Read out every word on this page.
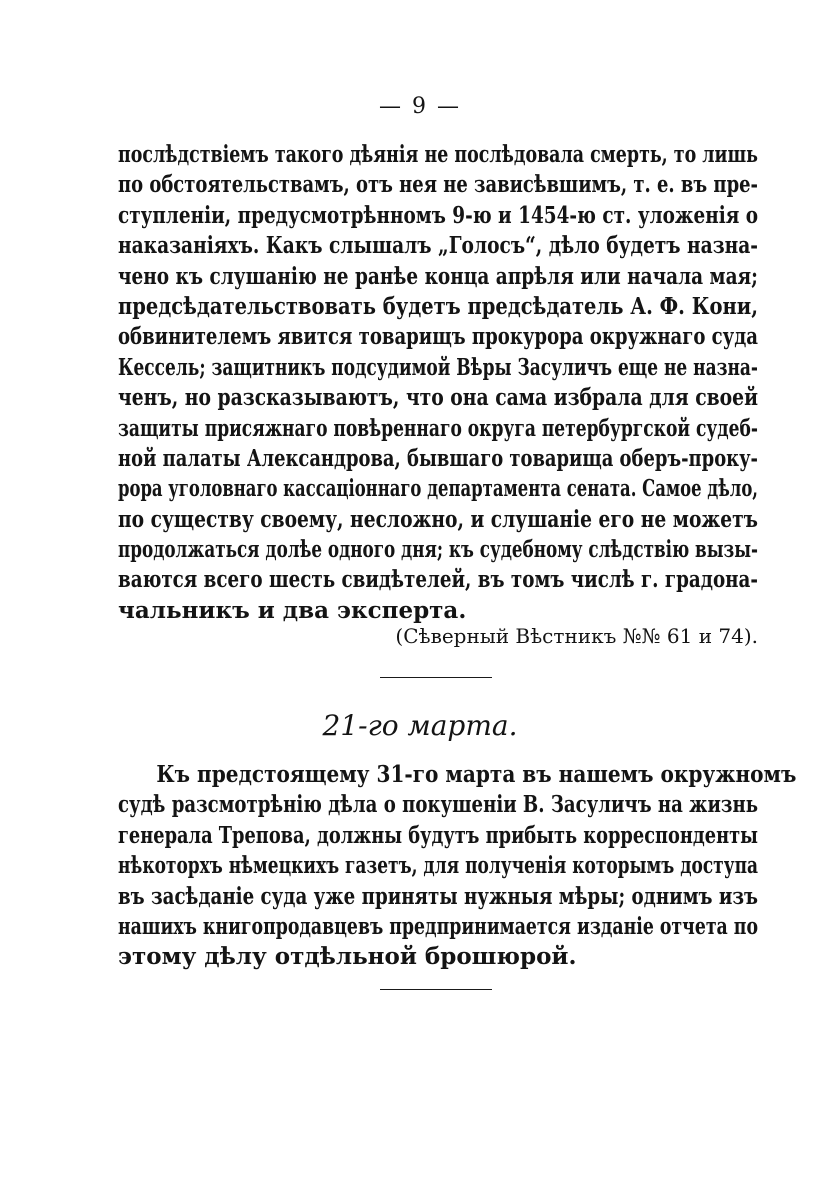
— 9 —
послѣдствіемъ такого дѣянія не послѣдовала смерть, то лишь
по обстоятельствамъ, отъ нея не зависѣвшимъ, т. е. въ пре-
ступленіи, предусмотрѣнномъ 9-ю и 1454-ю ст. уложенія о
наказаніяхъ. Какъ слышалъ „Голосъ“, дѣло будетъ назна-
чено къ слушанію не ранѣе конца апрѣля или начала мая;
предсѣдательствовать будетъ предсѣдатель А. Ф. Кони,
обвинителемъ явится товарищъ прокурора окружнаго суда
Кессель; защитникъ подсудимой Вѣры Засуличъ еще не назна-
ченъ, но разсказываютъ, что она сама избрала для своей
защиты присяжнаго повѣреннаго округа петербургской судеб-
ной палаты Александрова, бывшаго товарища оберъ-проку-
рора уголовнаго кассаціоннаго департамента сената. Самое дѣло,
по существу своему, несложно, и слушаніе его не можетъ
продолжаться долѣе одного дня; къ судебному слѣдствію вызы-
ваются всего шесть свидѣтелей, въ томъ числѣ г. градона-
чальникъ и два эксперта.
(Сѣверный Вѣстникъ №№ 61 и 74).
21-го марта.
Къ предстоящему 31-го марта въ нашемъ окружномъ
судѣ разсмотрѣнію дѣла о покушеніи В. Засуличъ на жизнь
генерала Трепова, должны будутъ прибыть корреспонденты
нѣкоторхъ нѣмецкихъ газетъ, для полученія которымъ доступа
въ засѣданіе суда уже приняты нужныя мѣры; однимъ изъ
нашихъ книгопродавцевъ предпринимается изданіе отчета по
этому дѣлу отдѣльной брошюрой.
